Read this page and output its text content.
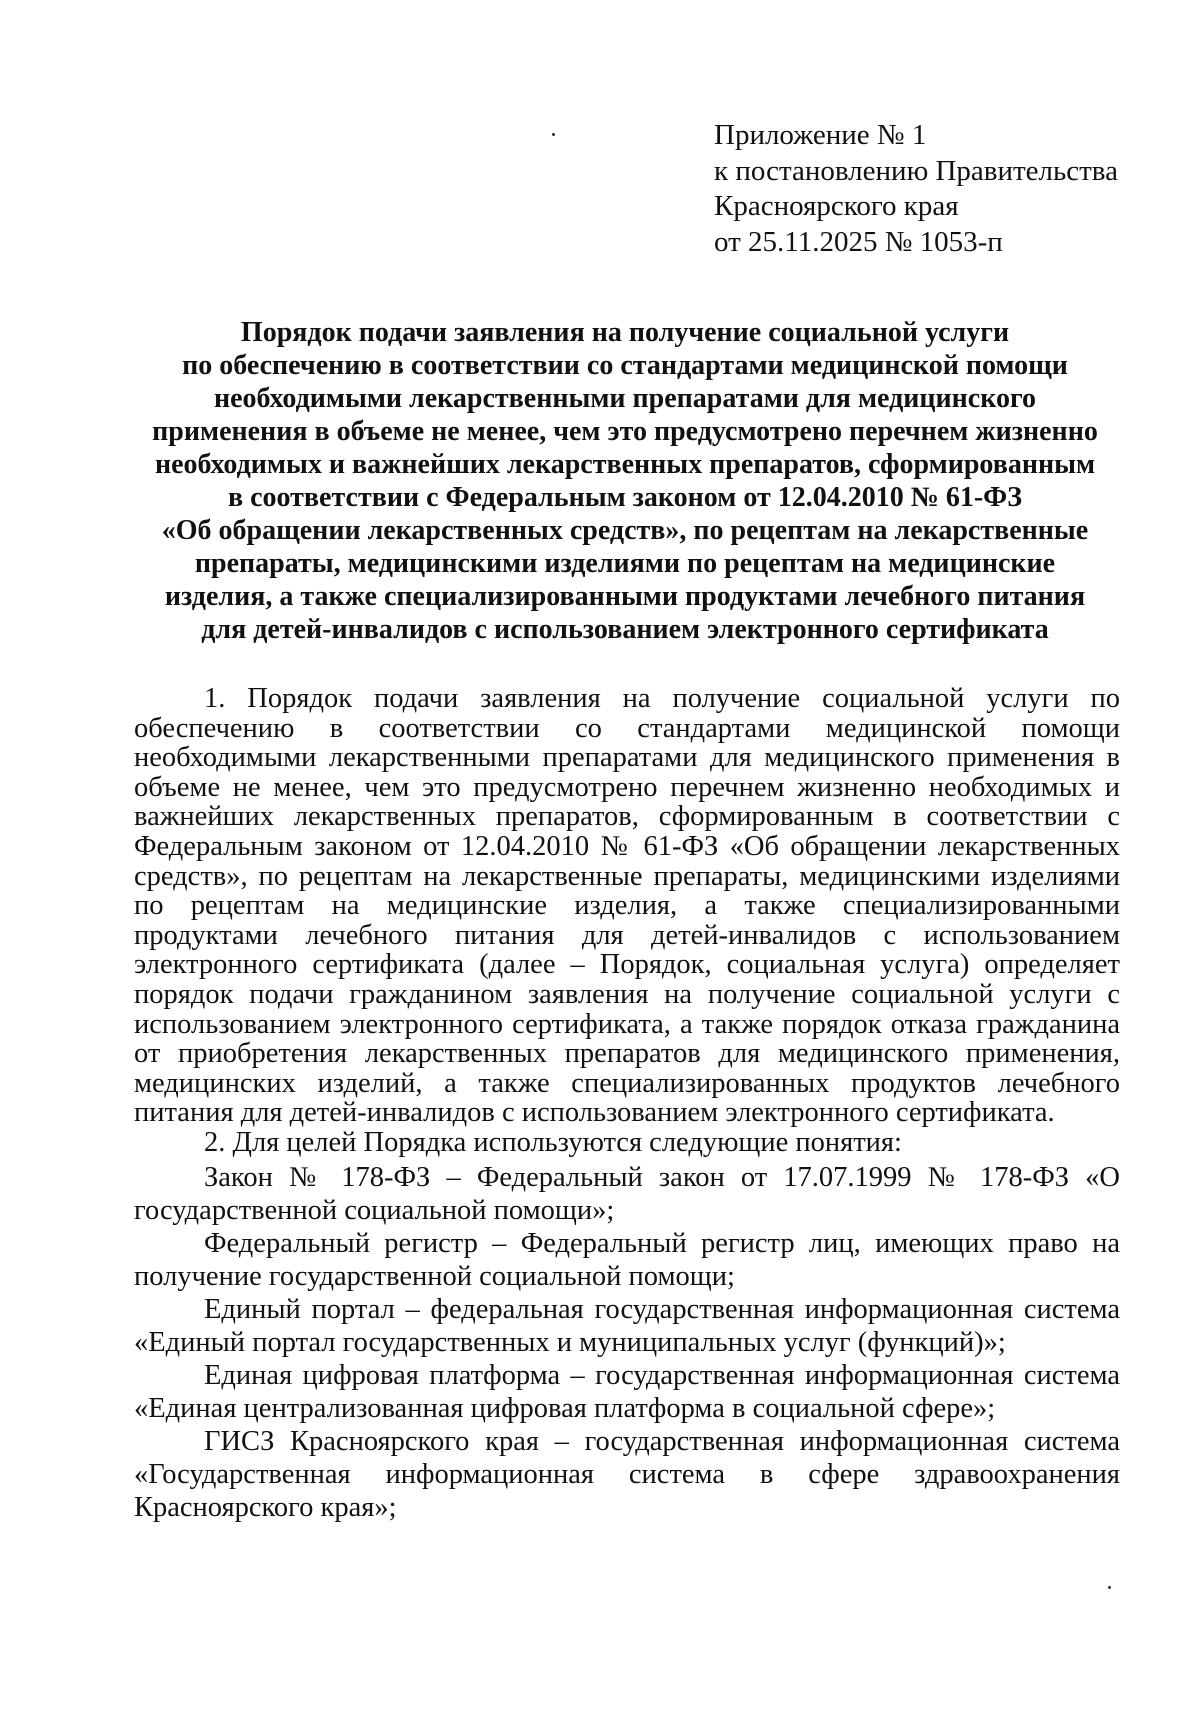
Приложение № 1
к постановлению Правительства
Красноярского края
от 25.11.2025 № 1053-п
Порядок подачи заявления на получение социальной услуги
по обеспечению в соответствии со стандартами медицинской помощи
необходимыми лекарственными препаратами для медицинского
применения в объеме не менее, чем это предусмотрено перечнем жизненно
необходимых и важнейших лекарственных препаратов, сформированным
в соответствии с Федеральным законом от 12.04.2010 № 61-ФЗ
«Об обращении лекарственных средств», по рецептам на лекарственные
препараты, медицинскими изделиями по рецептам на медицинские
изделия, а также специализированными продуктами лечебного питания
для детей-инвалидов с использованием электронного сертификата

1. Порядок подачи заявления на получение социальной услуги по обеспечению в соответствии со стандартами медицинской помощи необходимыми лекарственными препаратами для медицинского применения в объеме не менее, чем это предусмотрено перечнем жизненно необходимых и важнейших лекарственных препаратов, сформированным в соответствии с Федеральным законом от 12.04.2010 № 61-ФЗ «Об обращении лекарственных средств», по рецептам на лекарственные препараты, медицинскими изделиями по рецептам на медицинские изделия, а также специализированными продуктами лечебного питания для детей-инвалидов с использованием электронного сертификата (далее – Порядок, социальная услуга) определяет порядок подачи гражданином заявления на получение социальной услуги с использованием электронного сертификата, а также порядок отказа гражданина от приобретения лекарственных препаратов для медицинского применения, медицинских изделий, а также специализированных продуктов лечебного питания для детей-инвалидов с использованием электронного сертификата.

2. Для целей Порядка используются следующие понятия:

Закон № 178-ФЗ – Федеральный закон от 17.07.1999 № 178-ФЗ «О государственной социальной помощи»;

Федеральный регистр – Федеральный регистр лиц, имеющих право на получение государственной социальной помощи;

Единый портал – федеральная государственная информационная система «Единый портал государственных и муниципальных услуг (функций)»;

Единая цифровая платформа – государственная информационная система «Единая централизованная цифровая платформа в социальной сфере»;

ГИСЗ Красноярского края – государственная информационная система «Государственная информационная система в сфере здравоохранения Красноярского края»;
